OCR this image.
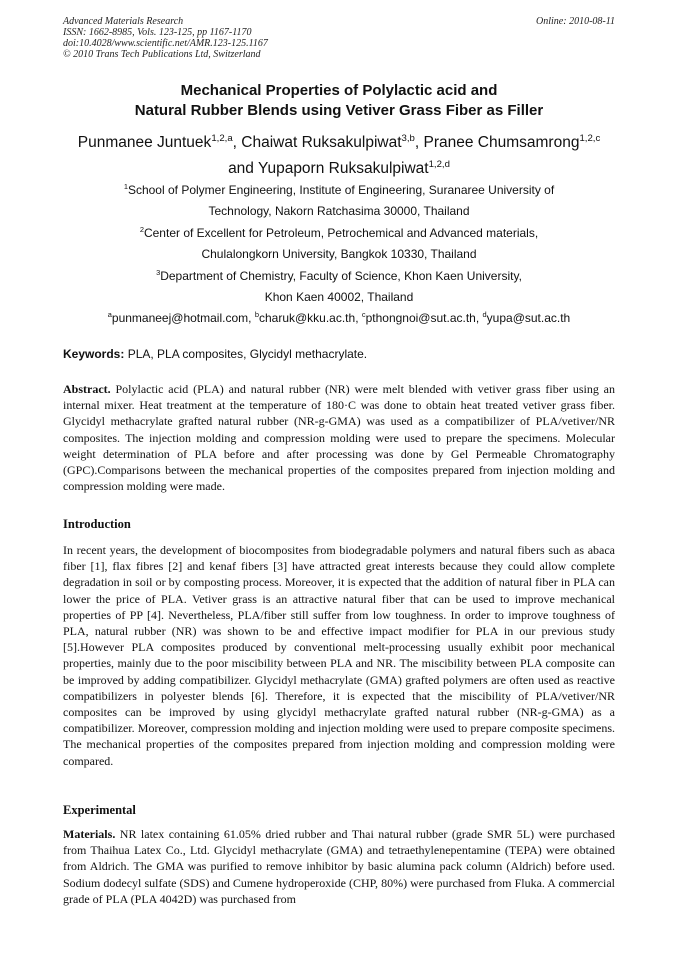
Advanced Materials Research
ISSN: 1662-8985, Vols. 123-125, pp 1167-1170
doi:10.4028/www.scientific.net/AMR.123-125.1167
© 2010 Trans Tech Publications Ltd, Switzerland
Online: 2010-08-11
Mechanical Properties of Polylactic acid and
Natural Rubber Blends using Vetiver Grass Fiber as Filler
Punmanee Juntuek$^{1,2,a}$, Chaiwat Ruksakulpiwat$^{3,b}$, Pranee Chumsamrong$^{1,2,c}$
and Yupaporn Ruksakulpiwat$^{1,2,d}$
$^1$School of Polymer Engineering, Institute of Engineering, Suranaree University of
Technology, Nakorn Ratchasima 30000, Thailand
$^2$Center of Excellent for Petroleum, Petrochemical and Advanced materials,
Chulalongkorn University, Bangkok 10330, Thailand
$^3$Department of Chemistry, Faculty of Science, Khon Kaen University,
Khon Kaen 40002, Thailand
$^a$punmaneej@hotmail.com, $^b$charuk@kku.ac.th, $^c$pthongnoi@sut.ac.th, $^d$yupa@sut.ac.th
Keywords: PLA, PLA composites, Glycidyl methacrylate.
Abstract. Polylactic acid (PLA) and natural rubber (NR) were melt blended with vetiver grass fiber using an internal mixer. Heat treatment at the temperature of 180·C was done to obtain heat treated vetiver grass fiber. Glycidyl methacrylate grafted natural rubber (NR-g-GMA) was used as a compatibilizer of PLA/vetiver/NR composites. The injection molding and compression molding were used to prepare the specimens. Molecular weight determination of PLA before and after processing was done by Gel Permeable Chromatography (GPC).Comparisons between the mechanical properties of the composites prepared from injection molding and compression molding were made.
Introduction
In recent years, the development of biocomposites from biodegradable polymers and natural fibers such as abaca fiber [1], flax fibres [2] and kenaf fibers [3] have attracted great interests because they could allow complete degradation in soil or by composting process. Moreover, it is expected that the addition of natural fiber in PLA can lower the price of PLA. Vetiver grass is an attractive natural fiber that can be used to improve mechanical properties of PP [4]. Nevertheless, PLA/fiber still suffer from low toughness. In order to improve toughness of PLA, natural rubber (NR) was shown to be and effective impact modifier for PLA in our previous study [5].However PLA composites produced by conventional melt-processing usually exhibit poor mechanical properties, mainly due to the poor miscibility between PLA and NR. The miscibility between PLA composite can be improved by adding compatibilizer. Glycidyl methacrylate (GMA) grafted polymers are often used as reactive compatibilizers in polyester blends [6]. Therefore, it is expected that the miscibility of PLA/vetiver/NR composites can be improved by using glycidyl methacrylate grafted natural rubber (NR-g-GMA) as a compatibilizer. Moreover, compression molding and injection molding were used to prepare composite specimens. The mechanical properties of the composites prepared from injection molding and compression molding were compared.
Experimental
Materials. NR latex containing 61.05% dried rubber and Thai natural rubber (grade SMR 5L) were purchased from Thaihua Latex Co., Ltd. Glycidyl methacrylate (GMA) and tetraethylenepentamine (TEPA) were obtained from Aldrich. The GMA was purified to remove inhibitor by basic alumina pack column (Aldrich) before used. Sodium dodecyl sulfate (SDS) and Cumene hydroperoxide (CHP, 80%) were purchased from Fluka. A commercial grade of PLA (PLA 4042D) was purchased from
